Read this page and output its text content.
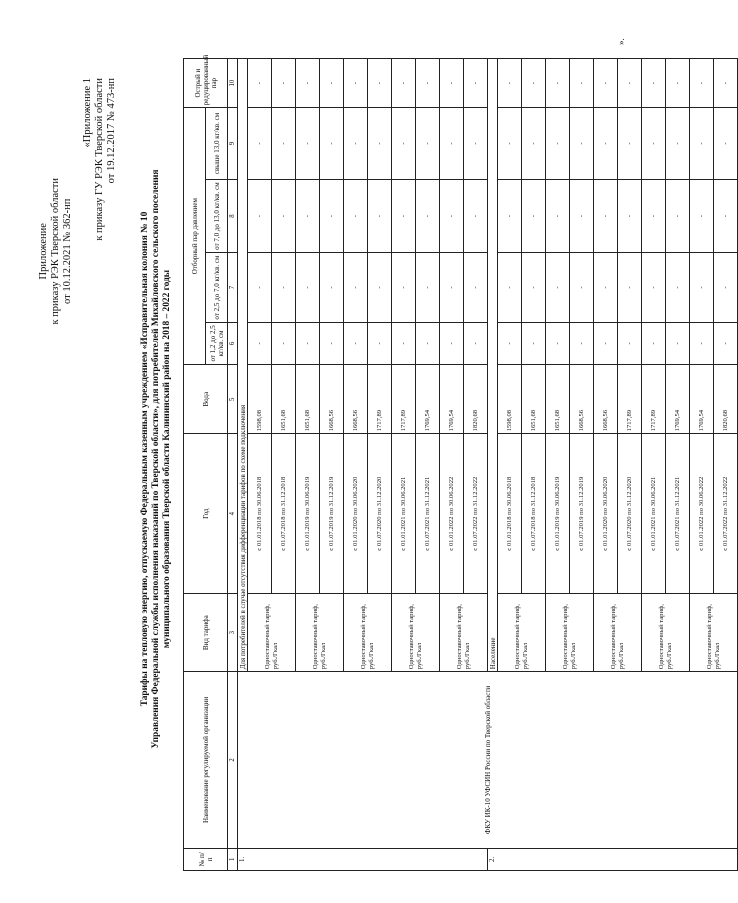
Приложение к приказу РЭК Тверской области от 10.12.2021 № 362-нп
«Приложение 1 к приказу ГУ РЭК Тверской области от 19.12.2017 № 473-нп
Тарифы на тепловую энергию, отпускаемую Федеральным казенным учреждением «Исправительная колония № 10 Управления Федеральной службы исполнения наказаний по Тверской области», для потребителей Михайловского сельского поселения муниципального образования Тверской области Калининский район на 2018 – 2022 годы
№ п/ п	Наименование регулируемой организации	Вид тарифа	Год	Вода	Отборный пар давлением				Острый и редуцированный пар
					от 1,2 до 2,5 кг/кв. см	от 2,5 до 7,0 кг/кв. см	от 7,0 до 13,0 кг/кв. см	свыше 13,0 кг/кв. см	
1	2	3	4	5	6	7	8	9	10
1.	ФКУ ИК-10 УФСИН России по Тверской области	Для потребителей в случае отсутствия дифференциации тарифов по схеме подключения							
		Одноставочный тариф, руб./Гкал	с 01.01.2018 по 30.06.2018	1598,08	-	-	-	-	-
			с 01.07.2018 по 31.12.2018	1651,68	-	-	-	-	-
		Одноставочный тариф, руб./Гкал	с 01.01.2019 по 30.06.2019	1651,68	-	-	-	-	-
			с 01.07.2019 по 31.12.2019	1668,56	-	-	-	-	-
		Одноставочный тариф, руб./Гкал	с 01.01.2020 по 30.06.2020	1668,56	-	-	-	-	-
			с 01.07.2020 по 31.12.2020	1717,89	-	-	-	-	-
		Одноставочный тариф, руб./Гкал	с 01.01.2021 по 30.06.2021	1717,89	-	-	-	-	-
			с 01.07.2021 по 31.12.2021	1769,54	-	-	-	-	-
		Одноставочный тариф, руб./Гкал	с 01.01.2022 по 30.06.2022	1769,54	-	-	-	-	-
			с 01.07.2022 по 31.12.2022	1820,68	-	-	-	-	-
2.		Население							
		Одноставочный тариф, руб./Гкал	с 01.01.2018 по 30.06.2018	1598,08	-	-	-	-	-
			с 01.07.2018 по 31.12.2018	1651,68	-	-	-	-	-
		Одноставочный тариф, руб./Гкал	с 01.01.2019 по 30.06.2019	1651,68	-	-	-	-	-
			с 01.07.2019 по 31.12.2019	1668,56	-	-	-	-	-
		Одноставочный тариф, руб./Гкал	с 01.01.2020 по 30.06.2020	1668,56	-	-	-	-	-
			с 01.07.2020 по 31.12.2020	1717,89	-	-	-	-	-
		Одноставочный тариф, руб./Гкал	с 01.01.2021 по 30.06.2021	1717,89	-	-	-	-	-
			с 01.07.2021 по 31.12.2021	1769,54	-	-	-	-	-
		Одноставочный тариф, руб./Гкал	с 01.01.2022 по 30.06.2022	1769,54	-	-	-	-	-
			с 01.07.2022 по 31.12.2022	1820,68	-	-	-	-	-
».
